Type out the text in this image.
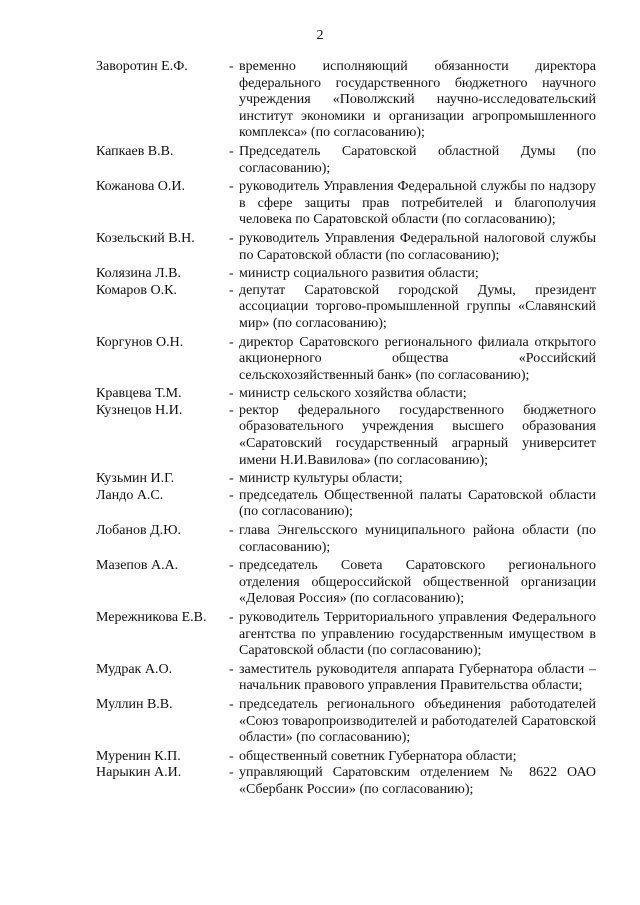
2
Заворотин Е.Ф.	- временно исполняющий обязанности директора федерального государственного бюджетного научного учреждения «Поволжский научно-исследовательский институт экономики и организации агропромышленного комплекса» (по согласованию);
Капкаев В.В.	- Председатель Саратовской областной Думы (по согласованию);
Кожанова О.И.	- руководитель Управления Федеральной службы по надзору в сфере защиты прав потребителей и благополучия человека по Саратовской области (по согласованию);
Козельский В.Н.	- руководитель Управления Федеральной налоговой службы по Саратовской области (по согласованию);
Колязина Л.В.	- министр социального развития области;
Комаров О.К.	- депутат Саратовской городской Думы, президент ассоциации торгово-промышленной группы «Славянский мир» (по согласованию);
Коргунов О.Н.	- директор Саратовского регионального филиала открытого акционерного общества «Российский сельскохозяйственный банк» (по согласованию);
Кравцева Т.М.	- министр сельского хозяйства области;
Кузнецов Н.И.	- ректор федерального государственного бюджетного образовательного учреждения высшего образования «Саратовский государственный аграрный университет имени Н.И.Вавилова» (по согласованию);
Кузьмин И.Г.	- министр культуры области;
Ландо А.С.	- председатель Общественной палаты Саратовской области (по согласованию);
Лобанов Д.Ю.	- глава Энгельсского муниципального района области (по согласованию);
Мазепов А.А.	- председатель Совета Саратовского регионального отделения общероссийской общественной организации «Деловая Россия» (по согласованию);
Мережникова Е.В.	- руководитель Территориального управления Федерального агентства по управлению государственным имуществом в Саратовской области (по согласованию);
Мудрак А.О.	- заместитель руководителя аппарата Губернатора области – начальник правового управления Правительства области;
Муллин В.В.	- председатель регионального объединения работодателей «Союз товаропроизводителей и работодателей Саратовской области» (по согласованию);
Муренин К.П.	- общественный советник Губернатора области;
Нарыкин А.И.	- управляющий Саратовским отделением № 8622 ОАО «Сбербанк России» (по согласованию);
